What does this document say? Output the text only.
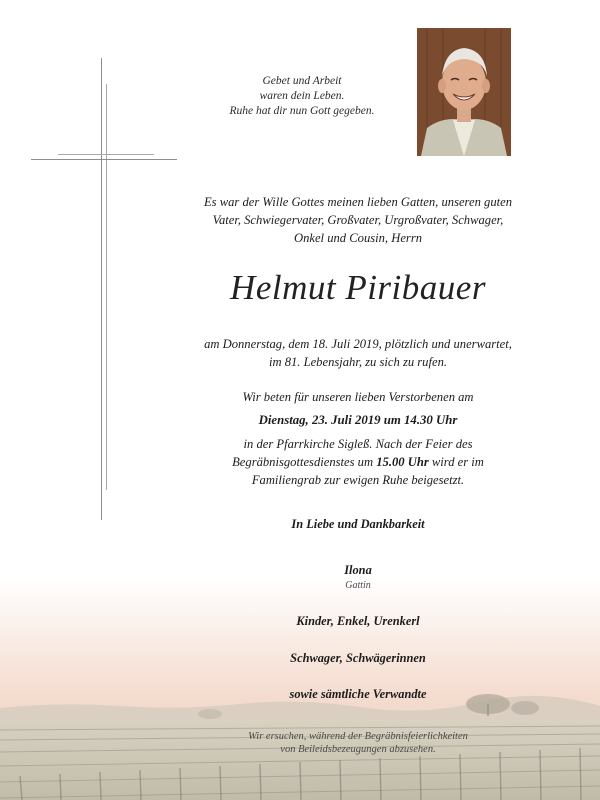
Gebet und Arbeit
waren dein Leben.
Ruhe hat dir nun Gott gegeben.
Es war der Wille Gottes meinen lieben Gatten, unseren guten
Vater, Schwiegervater, Großvater, Urgroßvater, Schwager,
Onkel und Cousin, Herrn
Helmut Piribauer
am Donnerstag, dem 18. Juli 2019, plötzlich und unerwartet,
im 81. Lebensjahr, zu sich zu rufen.
Wir beten für unseren lieben Verstorbenen am
Dienstag, 23. Juli 2019 um 14.30 Uhr
in der Pfarrkirche Sigleß. Nach der Feier des
Begräbnisgottesdienstes um 15.00 Uhr wird er im
Familiengrab zur ewigen Ruhe beigesetzt.
In Liebe und Dankbarkeit
Ilona
Gattin
Kinder, Enkel, Urenkerl
Schwager, Schwägerinnen
sowie sämtliche Verwandte
Wir ersuchen, während der Begräbnisfeierlichkeiten
von Beileidsbezeugungen abzusehen.
